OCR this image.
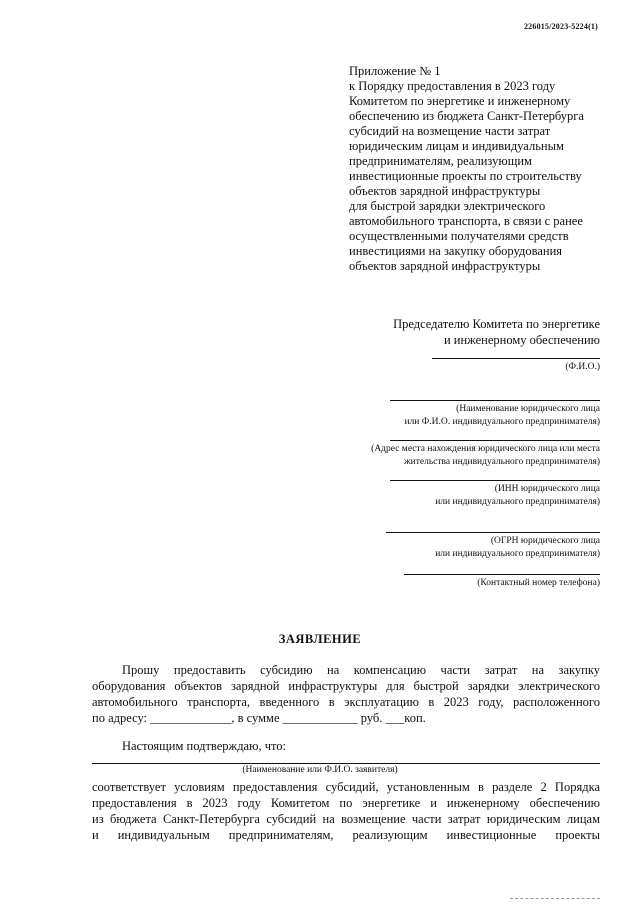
226015/2023-5224(1)
Приложение № 1
к Порядку предоставления в 2023 году
Комитетом по энергетике и инженерному
обеспечению из бюджета Санкт-Петербурга
субсидий на возмещение части затрат
юридическим лицам и индивидуальным
предпринимателям, реализующим
инвестиционные проекты по строительству
объектов зарядной инфраструктуры
для быстрой зарядки электрического
автомобильного транспорта, в связи с ранее
осуществленными получателями средств
инвестициями на закупку оборудования
объектов зарядной инфраструктуры
Председателю Комитета по энергетике
и инженерному обеспечению
(Ф.И.О.)
(Наименование юридического лица
или Ф.И.О. индивидуального предпринимателя)
(Адрес места нахождения юридического лица или места
жительства индивидуального предпринимателя)
(ИНН юридического лица
или индивидуального предпринимателя)
(ОГРН юридического лица
или индивидуального предпринимателя)
(Контактный номер телефона)
ЗАЯВЛЕНИЕ
Прошу предоставить субсидию на компенсацию части затрат на закупку
оборудования объектов зарядной инфраструктуры для быстрой зарядки электрического
автомобильного транспорта, введенного в эксплуатацию в 2023 году, расположенного
по адресу: _____________, в сумме ____________ руб. ___коп.
Настоящим подтверждаю, что:
(Наименование или Ф.И.О. заявителя)
соответствует условиям предоставления субсидий, установленным в разделе 2 Порядка
предоставления в 2023 году Комитетом по энергетике и инженерному обеспечению
из бюджета Санкт-Петербурга субсидий на возмещение части затрат юридическим лицам
и индивидуальным предпринимателям, реализующим инвестиционные проекты
